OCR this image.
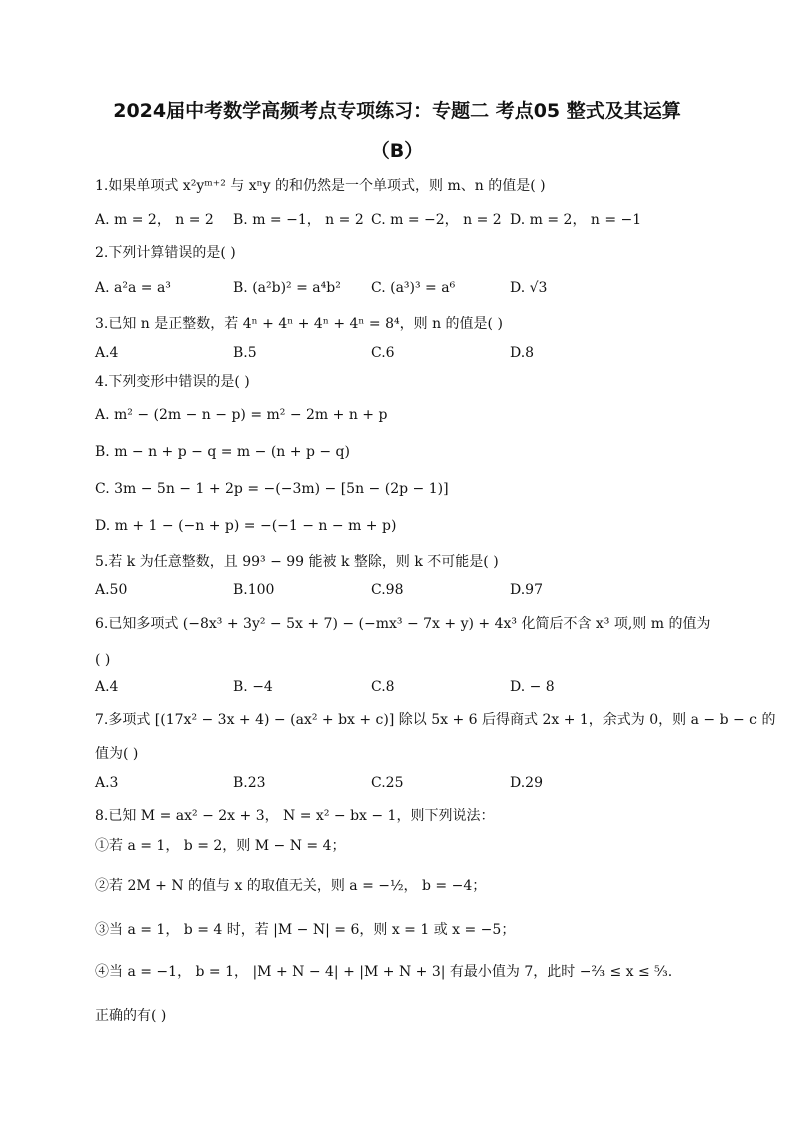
2024届中考数学高频考点专项练习：专题二 考点05 整式及其运算
（B）
1.如果单项式 x²yᵐ⁺² 与 xⁿy 的和仍然是一个单项式，则 m、n 的值是( )
A. m = 2， n = 2 B. m = −1， n = 2 C. m = −2， n = 2 D. m = 2， n = −1
2.下列计算错误的是( )
A. a²a = a³	B. (a²b)² = a⁴b² C. (a³)³ = a⁶	D. √3
3.已知 n 是正整数，若 4ⁿ + 4ⁿ + 4ⁿ + 4ⁿ = 8⁴，则 n 的值是( )
A.4	B.5	C.6	D.8
4.下列变形中错误的是( )
A. m² − (2m − n − p) = m² − 2m + n + p
B. m − n + p − q = m − (n + p − q)
C. 3m − 5n − 1 + 2p = −(−3m) − [5n − (2p − 1)]
D. m + 1 − (−n + p) = −(−1 − n − m + p)
5.若 k 为任意整数，且 99³ − 99 能被 k 整除，则 k 不可能是( )
A.50	B.100	C.98	D.97
6.已知多项式 (−8x³ + 3y² − 5x + 7) − (−mx³ − 7x + y) + 4x³ 化简后不含 x³ 项,则 m 的值为
( )
A.4	B. −4	C.8	D. − 8
7.多项式 [(17x² − 3x + 4) − (ax² + bx + c)] 除以 5x + 6 后得商式 2x + 1，余式为 0，则 a − b − c 的
值为( )
A.3	B.23	C.25	D.29
8.已知 M = ax² − 2x + 3， N = x² − bx − 1，则下列说法：
①若 a = 1， b = 2，则 M − N = 4；
②若 2M + N 的值与 x 的取值无关，则 a = −½， b = −4；
③当 a = 1， b = 4 时，若 |M − N| = 6，则 x = 1 或 x = −5；
④当 a = −1， b = 1， |M + N − 4| + |M + N + 3| 有最小值为 7，此时 −⅔ ≤ x ≤ ⁵⁄₃.
正确的有( )
